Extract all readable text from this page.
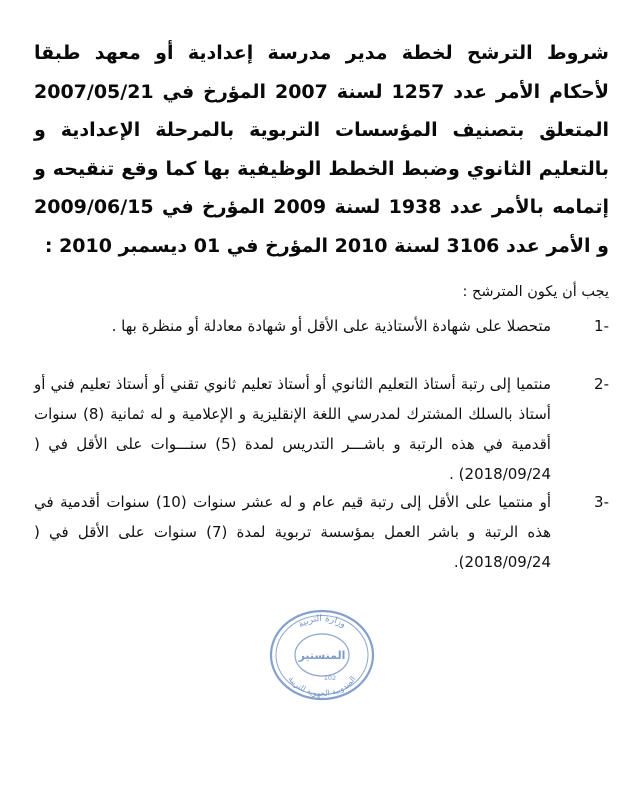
شروط الترشح لخطة مدير مدرسة إعدادية أو معهد طبقا لأحكام الأمر عدد 1257 لسنة 2007 المؤرخ في 2007/05/21 المتعلق بتصنيف المؤسسات التربوية بالمرحلة الإعدادية و بالتعليم الثانوي وضبط الخطط الوظيفية بها كما وقع تنقيحه و إتمامه بالأمر عدد 1938 لسنة 2009 المؤرخ في 2009/06/15 و الأمر عدد 3106 لسنة 2010 المؤرخ في 01 ديسمبر 2010 :
يجب أن يكون المترشح :
-1
متحصلا على شهادة الأستاذية على الأقل أو شهادة معادلة أو منظرة بها .
-2
منتميا إلى رتبة أستاذ التعليم الثانوي أو أستاذ تعليم ثانوي تقني أو أستاذ تعليم فني أو أستاذ بالسلك المشترك لمدرسي اللغة الإنقليزية و الإعلامية و له ثمانية (8) سنوات أقدمية في هذه الرتبة و باشـــر التدريس لمدة (5) سنـــوات على الأقل في ( 2018/09/24) .
-3
أو منتميا على الأقل إلى رتبة قيم عام و له عشر سنوات (10) سنوات أقدمية في هذه الرتبة و باشر العمل بمؤسسة تربوية لمدة (7) سنوات على الأقل في ( 2018/09/24).
وزارة التربية
المنستير
102
المندوبية الجهوية للتربية
